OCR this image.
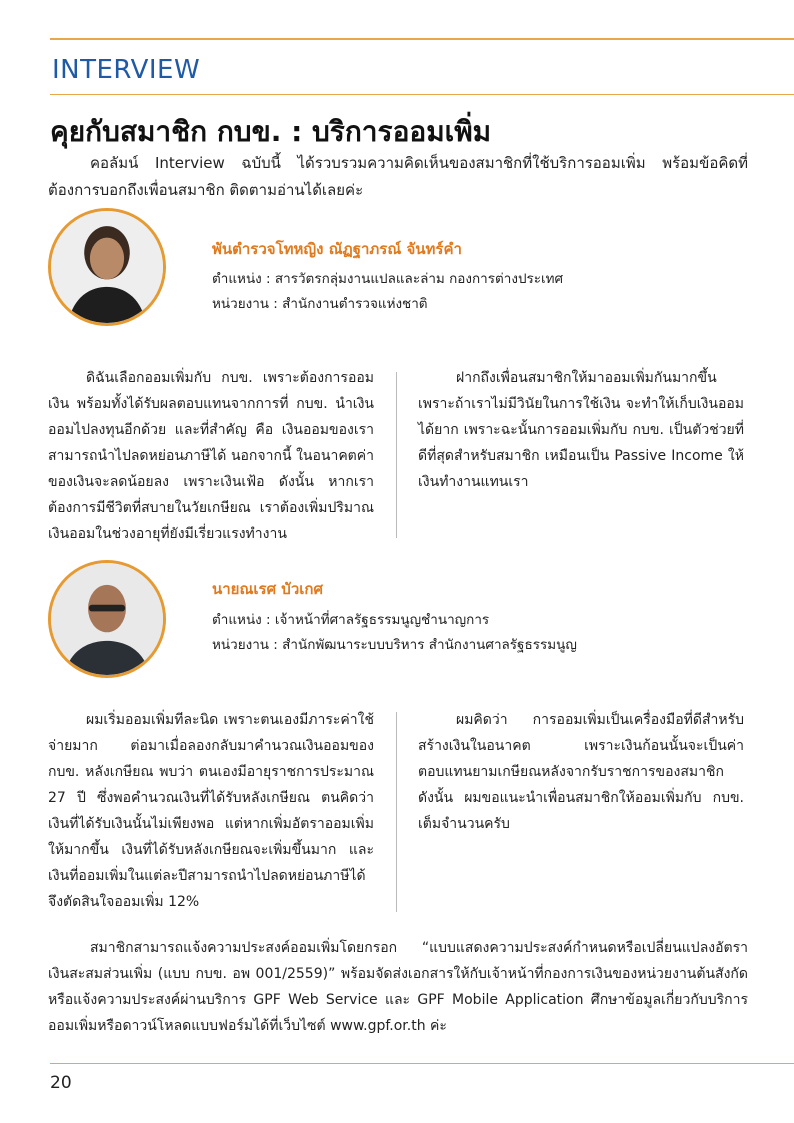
INTERVIEW
คุยกับสมาชิก กบข. : บริการออมเพิ่ม

คอลัมน์ Interview ฉบับนี้ ได้รวบรวมความคิดเห็นของสมาชิกที่ใช้บริการออมเพิ่ม พร้อมข้อคิดที่ต้องการบอกถึงเพื่อนสมาชิก ติดตามอ่านได้เลยค่ะ

พันตำรวจโทหญิง ณัฏฐาภรณ์ จันทร์คำ
ตำแหน่ง : สารวัตรกลุ่มงานแปลและล่าม กองการต่างประเทศ
หน่วยงาน : สำนักงานตำรวจแห่งชาติ

ดิฉันเลือกออมเพิ่มกับ กบข. เพราะต้องการออมเงิน พร้อมทั้งได้รับผลตอบแทนจากการที่ กบข. นำเงินออมไปลงทุนอีกด้วย และที่สำคัญ คือ เงินออมของเราสามารถนำไปลดหย่อนภาษีได้ นอกจากนี้ ในอนาคตค่าของเงินจะลดน้อยลง เพราะเงินเฟ้อ ดังนั้น หากเราต้องการมีชีวิตที่สบายในวัยเกษียณ เราต้องเพิ่มปริมาณเงินออมในช่วงอายุที่ยังมีเรี่ยวแรงทำงาน

ฝากถึงเพื่อนสมาชิกให้มาออมเพิ่มกันมากขึ้น เพราะถ้าเราไม่มีวินัยในการใช้เงิน จะทำให้เก็บเงินออมได้ยาก เพราะฉะนั้นการออมเพิ่มกับ กบข. เป็นตัวช่วยที่ดีที่สุดสำหรับสมาชิก เหมือนเป็น Passive Income ให้เงินทำงานแทนเรา

นายณเรศ บัวเกศ
ตำแหน่ง : เจ้าหน้าที่ศาลรัฐธรรมนูญชำนาญการ
หน่วยงาน : สำนักพัฒนาระบบบริหาร สำนักงานศาลรัฐธรรมนูญ

ผมเริ่มออมเพิ่มทีละนิด เพราะตนเองมีภาระค่าใช้จ่ายมาก ต่อมาเมื่อลองกลับมาคำนวณเงินออมของ กบข. หลังเกษียณ พบว่า ตนเองมีอายุราชการประมาณ 27 ปี ซึ่งพอคำนวณเงินที่ได้รับหลังเกษียณ ตนคิดว่าเงินที่ได้รับเงินนั้นไม่เพียงพอ แต่หากเพิ่มอัตราออมเพิ่มให้มากขึ้น เงินที่ได้รับหลังเกษียณจะเพิ่มขึ้นมาก และเงินที่ออมเพิ่มในแต่ละปีสามารถนำไปลดหย่อนภาษีได้ จึงตัดสินใจออมเพิ่ม 12%

ผมคิดว่า การออมเพิ่มเป็นเครื่องมือที่ดีสำหรับสร้างเงินในอนาคต เพราะเงินก้อนนั้นจะเป็นค่าตอบแทนยามเกษียณหลังจากรับราชการของสมาชิก ดังนั้น ผมขอแนะนำเพื่อนสมาชิกให้ออมเพิ่มกับ กบข. เต็มจำนวนครับ

สมาชิกสามารถแจ้งความประสงค์ออมเพิ่มโดยกรอก “แบบแสดงความประสงค์กำหนดหรือเปลี่ยนแปลงอัตราเงินสะสมส่วนเพิ่ม (แบบ กบข. อพ 001/2559)” พร้อมจัดส่งเอกสารให้กับเจ้าหน้าที่กองการเงินของหน่วยงานต้นสังกัด หรือแจ้งความประสงค์ผ่านบริการ GPF Web Service และ GPF Mobile Application ศึกษาข้อมูลเกี่ยวกับบริการออมเพิ่มหรือดาวน์โหลดแบบฟอร์มได้ที่เว็บไซต์ www.gpf.or.th ค่ะ

20
